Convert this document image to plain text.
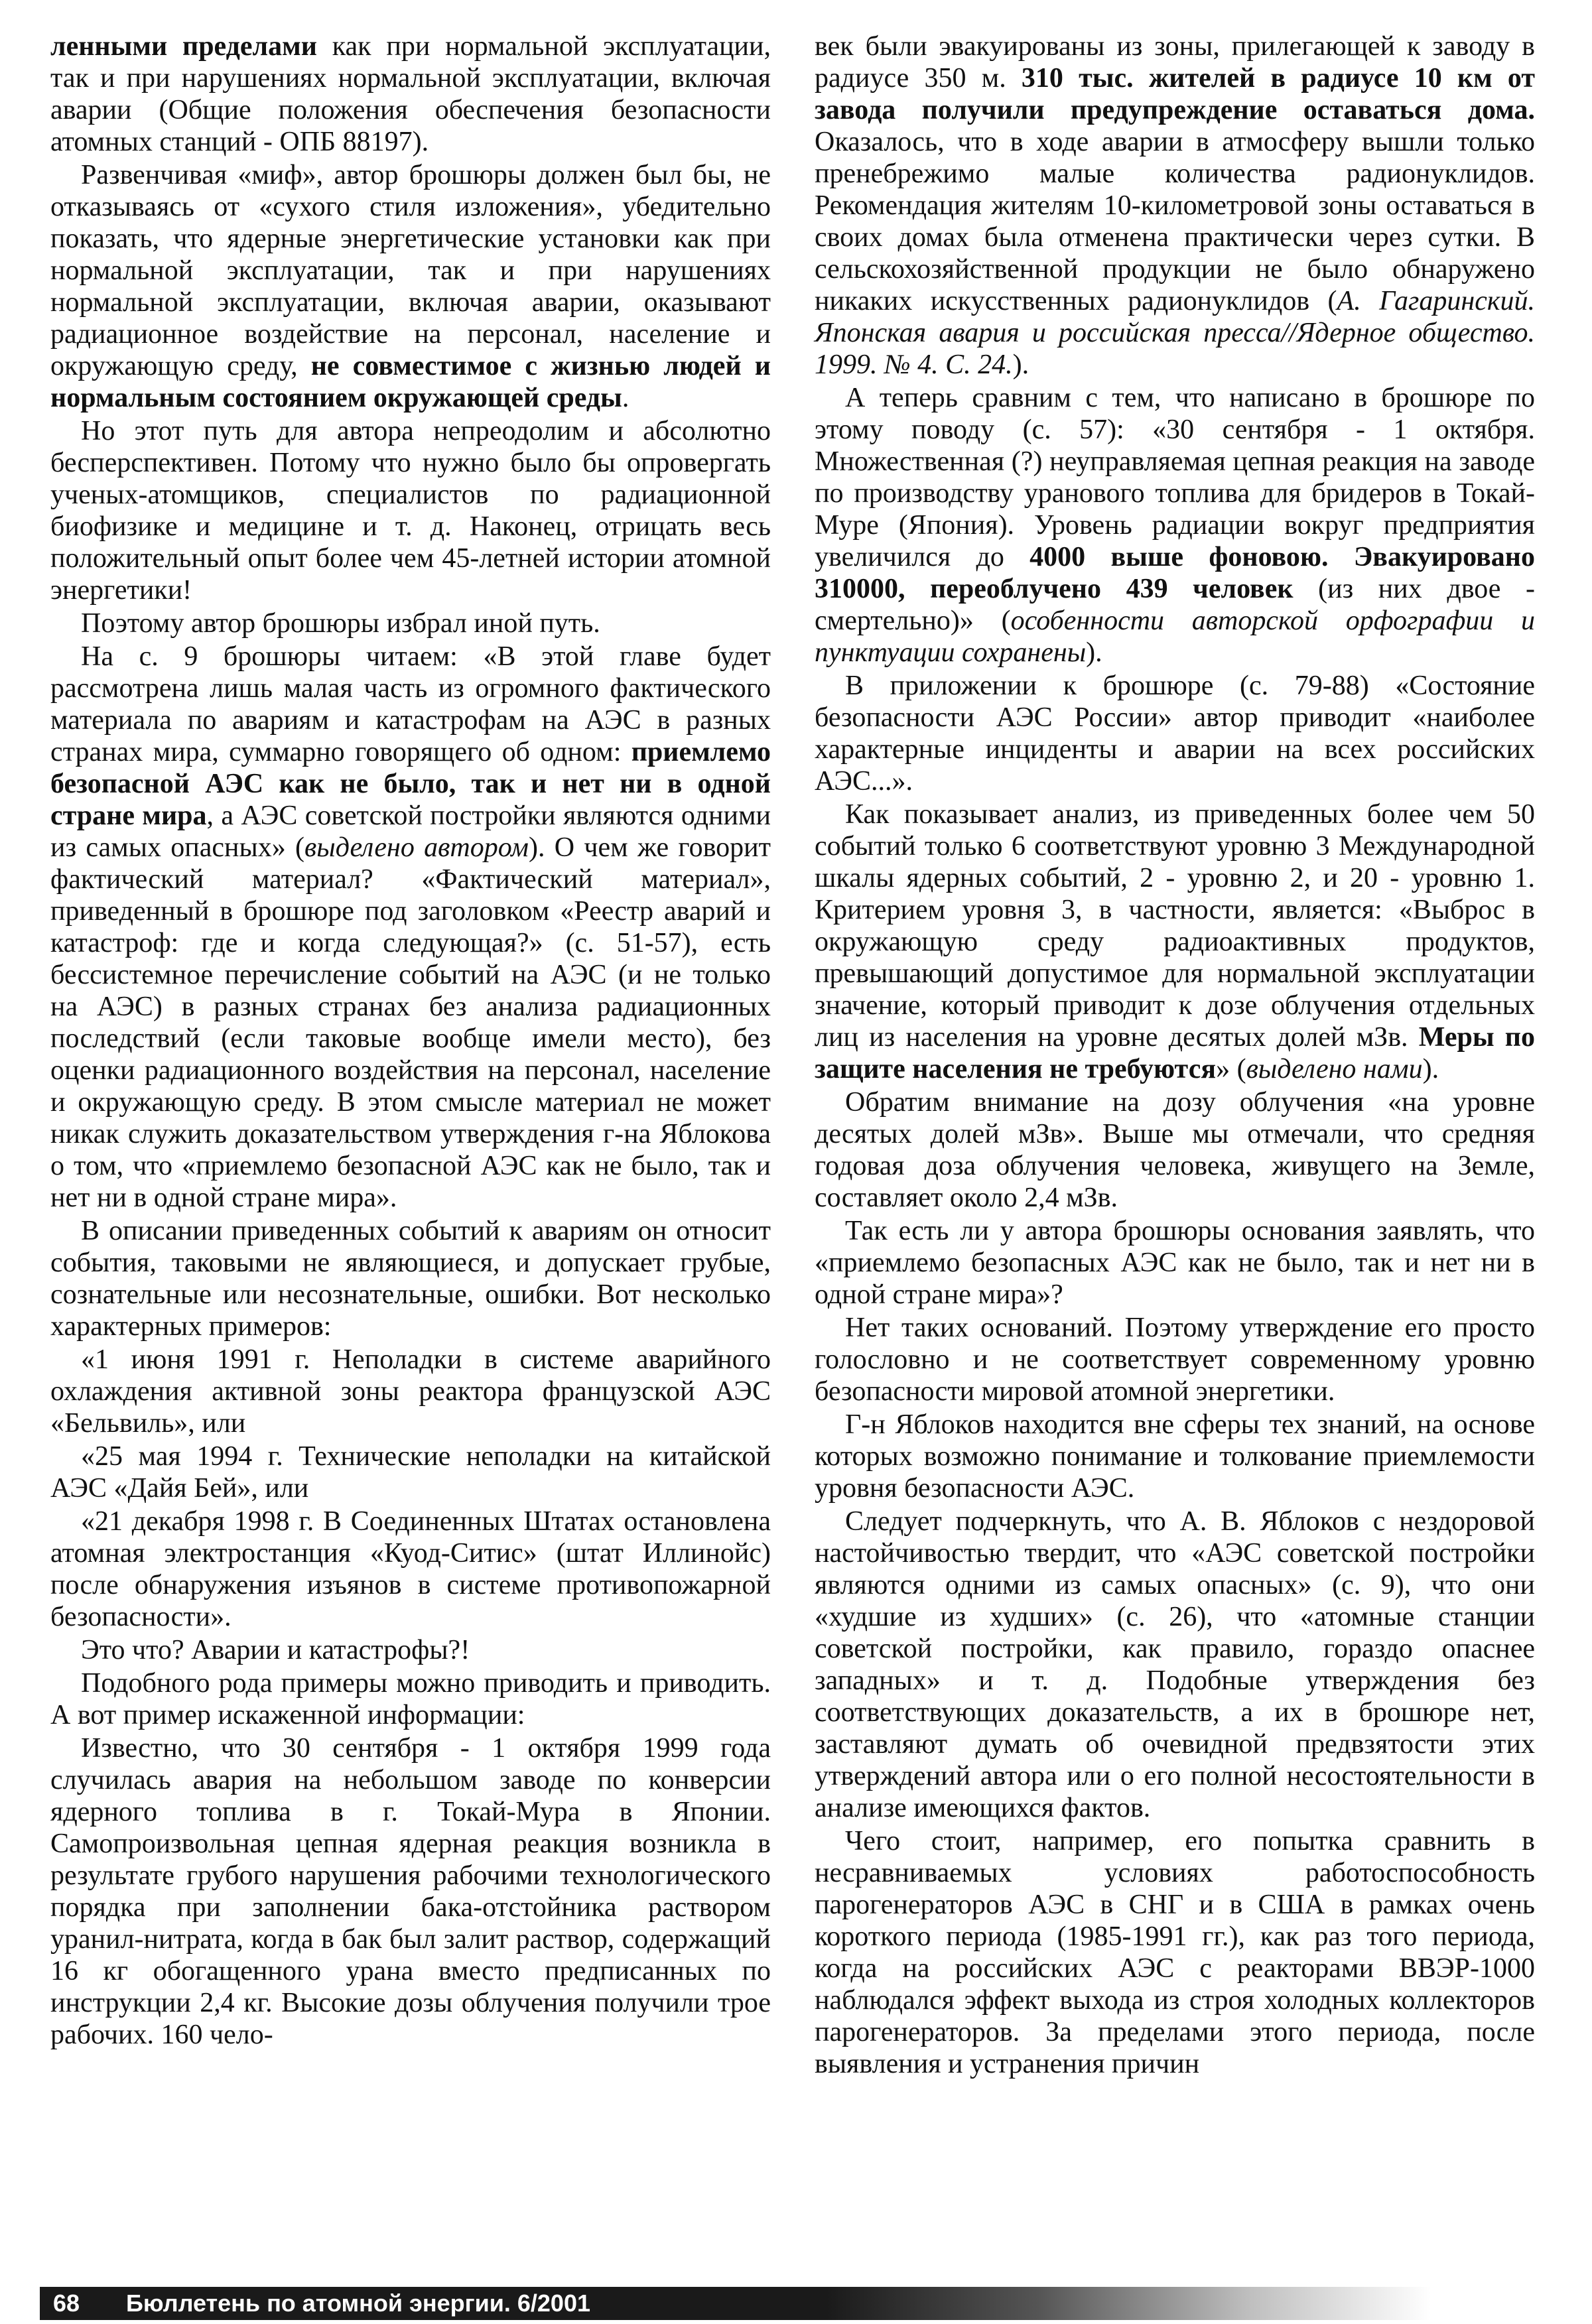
ленными пределами как при нормальной эксплуатации, так и при нарушениях нормальной эксплуатации, включая аварии (Общие положения обеспечения безопасности атомных станций - ОПБ 88197).

Развенчивая «миф», автор брошюры должен был бы, не отказываясь от «сухого стиля изложения», убедительно показать, что ядерные энергетические установки как при нормальной эксплуатации, так и при нарушениях нормальной эксплуатации, включая аварии, оказывают радиационное воздействие на персонал, население и окружающую среду, не совместимое с жизнью людей и нормальным состоянием окружающей среды.

Но этот путь для автора непреодолим и абсолютно бесперспективен. Потому что нужно было бы опровергать ученых-атомщиков, специалистов по радиационной биофизике и медицине и т. д. Наконец, отрицать весь положительный опыт более чем 45-летней истории атомной энергетики!

Поэтому автор брошюры избрал иной путь.

На с. 9 брошюры читаем: «В этой главе будет рассмотрена лишь малая часть из огромного фактического материала по авариям и катастрофам на АЭС в разных странах мира, суммарно говорящего об одном: приемлемо безопасной АЭС как не было, так и нет ни в одной стране мира, а АЭС советской постройки являются одними из самых опасных» (выделено автором). О чем же говорит фактический материал? «Фактический материал», приведенный в брошюре под заголовком «Реестр аварий и катастроф: где и когда следующая?» (с. 51-57), есть бессистемное перечисление событий на АЭС (и не только на АЭС) в разных странах без анализа радиационных последствий (если таковые вообще имели место), без оценки радиационного воздействия на персонал, население и окружающую среду. В этом смысле материал не может никак служить доказательством утверждения г-на Яблокова о том, что «приемлемо безопасной АЭС как не было, так и нет ни в одной стране мира».

В описании приведенных событий к авариям он относит события, таковыми не являющиеся, и допускает грубые, сознательные или несознательные, ошибки. Вот несколько характерных примеров:

«1 июня 1991 г. Неполадки в системе аварийного охлаждения активной зоны реактора французской АЭС «Бельвиль», или

«25 мая 1994 г. Технические неполадки на китайской АЭС «Дайя Бей», или

«21 декабря 1998 г. В Соединенных Штатах остановлена атомная электростанция «Куод-Ситис» (штат Иллинойс) после обнаружения изъянов в системе противопожарной безопасности».

Это что? Аварии и катастрофы?!

Подобного рода примеры можно приводить и приводить. А вот пример искаженной информации:

Известно, что 30 сентября - 1 октября 1999 года случилась авария на небольшом заводе по конверсии ядерного топлива в г. Токай-Мура в Японии. Самопроизвольная цепная ядерная реакция возникла в результате грубого нарушения рабочими технологического порядка при заполнении бака-отстойника раствором уранил-нитрата, когда в бак был залит раствор, содержащий 16 кг обогащенного урана вместо предписанных по инструкции 2,4 кг. Высокие дозы облучения получили трое рабочих. 160 чело-

век были эвакуированы из зоны, прилегающей к заводу в радиусе 350 м. 310 тыс. жителей в радиусе 10 км от завода получили предупреждение оставаться дома. Оказалось, что в ходе аварии в атмосферу вышли только пренебрежимо малые количества радионуклидов. Рекомендация жителям 10-километровой зоны оставаться в своих домах была отменена практически через сутки. В сельскохозяйственной продукции не было обнаружено никаких искусственных радионуклидов (А. Гагаринский. Японская авария и российская пресса//Ядерное общество. 1999. № 4. С. 24.).

А теперь сравним с тем, что написано в брошюре по этому поводу (с. 57): «30 сентября - 1 октября. Множественная (?) неуправляемая цепная реакция на заводе по производству уранового топлива для бридеров в Токай-Муре (Япония). Уровень радиации вокруг предприятия увеличился до 4000 выше фоновою. Эвакуировано 310000, переоблучено 439 человек (из них двое - смертельно)» (особенности авторской орфографии и пунктуации сохранены).

В приложении к брошюре (с. 79-88) «Состояние безопасности АЭС России» автор приводит «наиболее характерные инциденты и аварии на всех российских АЭС...».

Как показывает анализ, из приведенных более чем 50 событий только 6 соответствуют уровню 3 Международной шкалы ядерных событий, 2 - уровню 2, и 20 - уровню 1. Критерием уровня 3, в частности, является: «Выброс в окружающую среду радиоактивных продуктов, превышающий допустимое для нормальной эксплуатации значение, который приводит к дозе облучения отдельных лиц из населения на уровне десятых долей мЗв. Меры по защите населения не требуются» (выделено нами).

Обратим внимание на дозу облучения «на уровне десятых долей мЗв». Выше мы отмечали, что средняя годовая доза облучения человека, живущего на Земле, составляет около 2,4 мЗв.

Так есть ли у автора брошюры основания заявлять, что «приемлемо безопасных АЭС как не было, так и нет ни в одной стране мира»?

Нет таких оснований. Поэтому утверждение его просто голословно и не соответствует современному уровню безопасности мировой атомной энергетики.

Г-н Яблоков находится вне сферы тех знаний, на основе которых возможно понимание и толкование приемлемости уровня безопасности АЭС.

Следует подчеркнуть, что А. В. Яблоков с нездоровой настойчивостью твердит, что «АЭС советской постройки являются одними из самых опасных» (с. 9), что они «худшие из худших» (с. 26), что «атомные станции советской постройки, как правило, гораздо опаснее западных» и т. д. Подобные утверждения без соответствующих доказательств, а их в брошюре нет, заставляют думать об очевидной предвзятости этих утверждений автора или о его полной несостоятельности в анализе имеющихся фактов.

Чего стоит, например, его попытка сравнить в несравниваемых условиях работоспособность парогенераторов АЭС в СНГ и в США в рамках очень короткого периода (1985-1991 гг.), как раз того периода, когда на российских АЭС с реакторами ВВЭР-1000 наблюдался эффект выхода из строя холодных коллекторов парогенераторов. За пределами этого периода, после выявления и устранения причин

68 Бюллетень по атомной энергии. 6/2001
